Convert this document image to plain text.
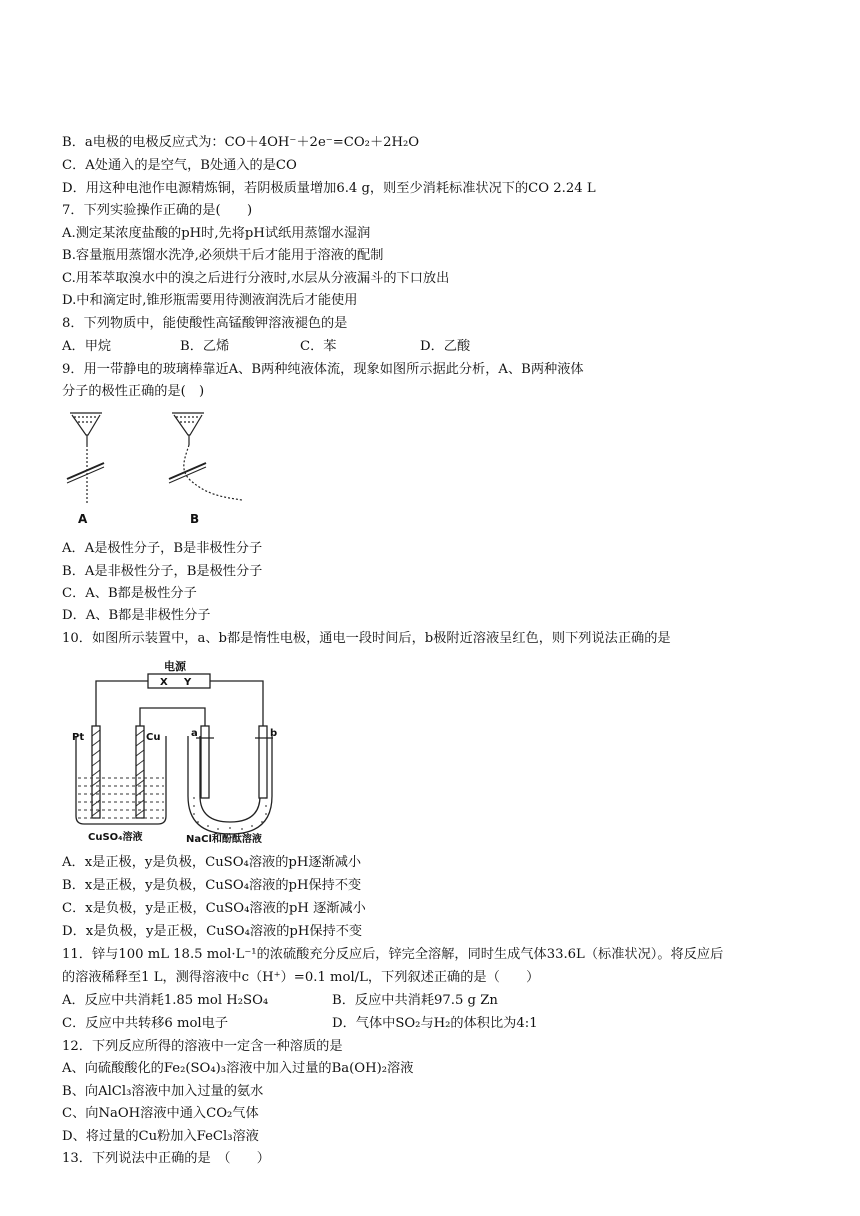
B．a电极的电极反应式为：CO＋4OH⁻＋2e⁻=CO₂＋2H₂O
C．A处通入的是空气，B处通入的是CO
D．用这种电池作电源精炼铜，若阴极质量增加6.4 g，则至少消耗标准状况下的CO 2.24 L
7．下列实验操作正确的是(　　)
A.测定某浓度盐酸的pH时,先将pH试纸用蒸馏水湿润
B.容量瓶用蒸馏水洗净,必须烘干后才能用于溶液的配制
C.用苯萃取溴水中的溴之后进行分液时,水层从分液漏斗的下口放出
D.中和滴定时,锥形瓶需要用待测液润洗后才能使用
8．下列物质中，能使酸性高锰酸钾溶液褪色的是
A．甲烷	B．乙烯	C．苯	D．乙酸
9．用一带静电的玻璃棒靠近A、B两种纯液体流，现象如图所示据此分析，A、B两种液体
分子的极性正确的是(　)
A	B
A．A是极性分子，B是非极性分子
B．A是非极性分子，B是极性分子
C．A、B都是极性分子
D．A、B都是非极性分子
10．如图所示装置中，a、b都是惰性电极，通电一段时间后，b极附近溶液呈红色，则下列说法正确的是
电源
X Y
Pt	Cu	a	b
CuSO₄溶液	NaCl和酚酞溶液
A．x是正极，y是负极，CuSO₄溶液的pH逐渐减小
B．x是正极，y是负极，CuSO₄溶液的pH保持不变
C．x是负极，y是正极，CuSO₄溶液的pH 逐渐减小
D．x是负极，y是正极，CuSO₄溶液的pH保持不变
11．锌与100 mL 18.5 mol·L⁻¹的浓硫酸充分反应后，锌完全溶解，同时生成气体33.6L（标准状况）。将反应后
的溶液稀释至1 L，测得溶液中c（H⁺）=0.1 mol/L，下列叙述正确的是（　　）
A．反应中共消耗1.85 mol H₂SO₄	B．反应中共消耗97.5 g Zn
C．反应中共转移6 mol电子	D．气体中SO₂与H₂的体积比为4:1
12．下列反应所得的溶液中一定含一种溶质的是
A、向硫酸酸化的Fe₂(SO₄)₃溶液中加入过量的Ba(OH)₂溶液
B、向AlCl₃溶液中加入过量的氨水
C、向NaOH溶液中通入CO₂气体
D、将过量的Cu粉加入FeCl₃溶液
13．下列说法中正确的是　（　　）
